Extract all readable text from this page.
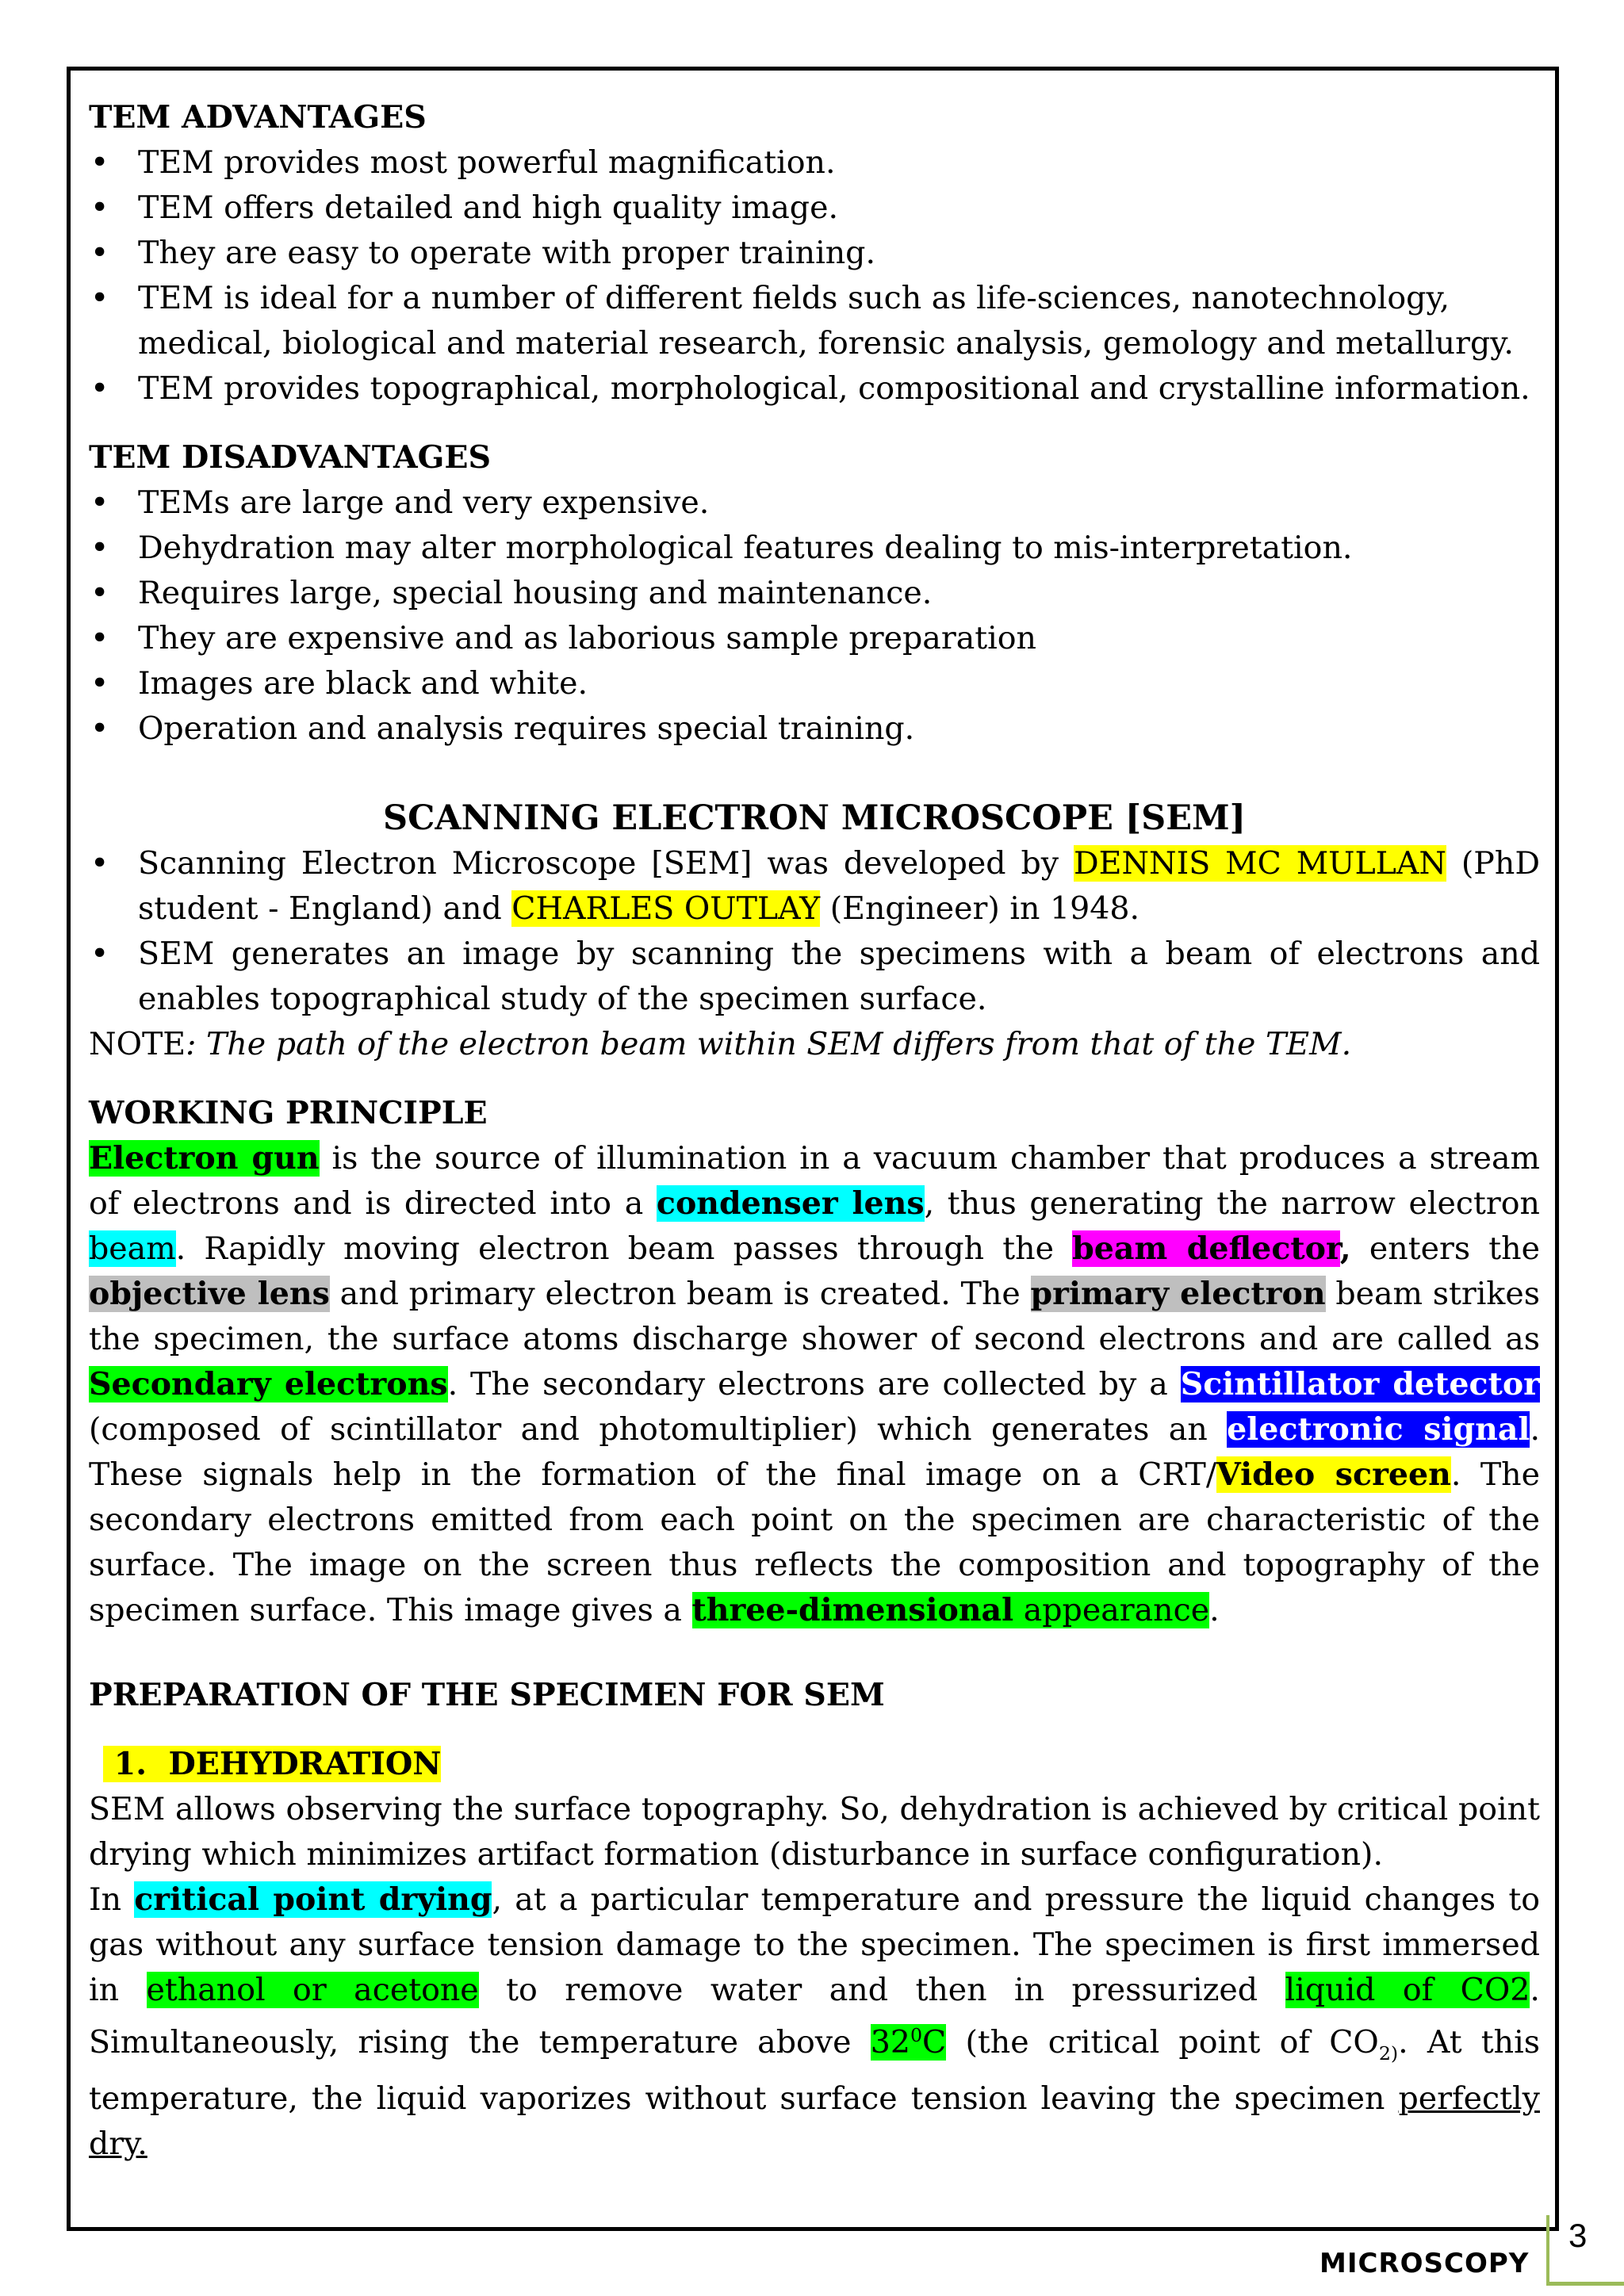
TEM ADVANTAGES

• TEM provides most powerful magnification.
• TEM offers detailed and high quality image.
• They are easy to operate with proper training.
• TEM is ideal for a number of different fields such as life-sciences, nanotechnology, medical, biological and material research, forensic analysis, gemology and metallurgy.
• TEM provides topographical, morphological, compositional and crystalline information.

TEM DISADVANTAGES

• TEMs are large and very expensive.
• Dehydration may alter morphological features dealing to mis-interpretation.
• Requires large, special housing and maintenance.
• They are expensive and as laborious sample preparation
• Images are black and white.
• Operation and analysis requires special training.

SCANNING ELECTRON MICROSCOPE [SEM]

• Scanning Electron Microscope [SEM] was developed by DENNIS MC MULLAN (PhD student - England) and CHARLES OUTLAY (Engineer) in 1948.
• SEM generates an image by scanning the specimens with a beam of electrons and enables topographical study of the specimen surface.

NOTE: The path of the electron beam within SEM differs from that of the TEM.

WORKING PRINCIPLE

Electron gun is the source of illumination in a vacuum chamber that produces a stream of electrons and is directed into a condenser lens, thus generating the narrow electron beam. Rapidly moving electron beam passes through the beam deflector, enters the objective lens and primary electron beam is created. The primary electron beam strikes the specimen, the surface atoms discharge shower of second electrons and are called as Secondary electrons. The secondary electrons are collected by a Scintillator detector (composed of scintillator and photomultiplier) which generates an electronic signal. These signals help in the formation of the final image on a CRT/Video screen. The secondary electrons emitted from each point on the specimen are characteristic of the surface. The image on the screen thus reflects the composition and topography of the specimen surface. This image gives a three-dimensional appearance.

PREPARATION OF THE SPECIMEN FOR SEM

1. DEHYDRATION

SEM allows observing the surface topography. So, dehydration is achieved by critical point drying which minimizes artifact formation (disturbance in surface configuration).

In critical point drying, at a particular temperature and pressure the liquid changes to gas without any surface tension damage to the specimen. The specimen is first immersed in ethanol or acetone to remove water and then in pressurized liquid of CO2. Simultaneously, rising the temperature above $32^0C$ (the critical point of $CO_{2)}$. At this temperature, the liquid vaporizes without surface tension leaving the specimen perfectly dry.

MICROSCOPY
3
